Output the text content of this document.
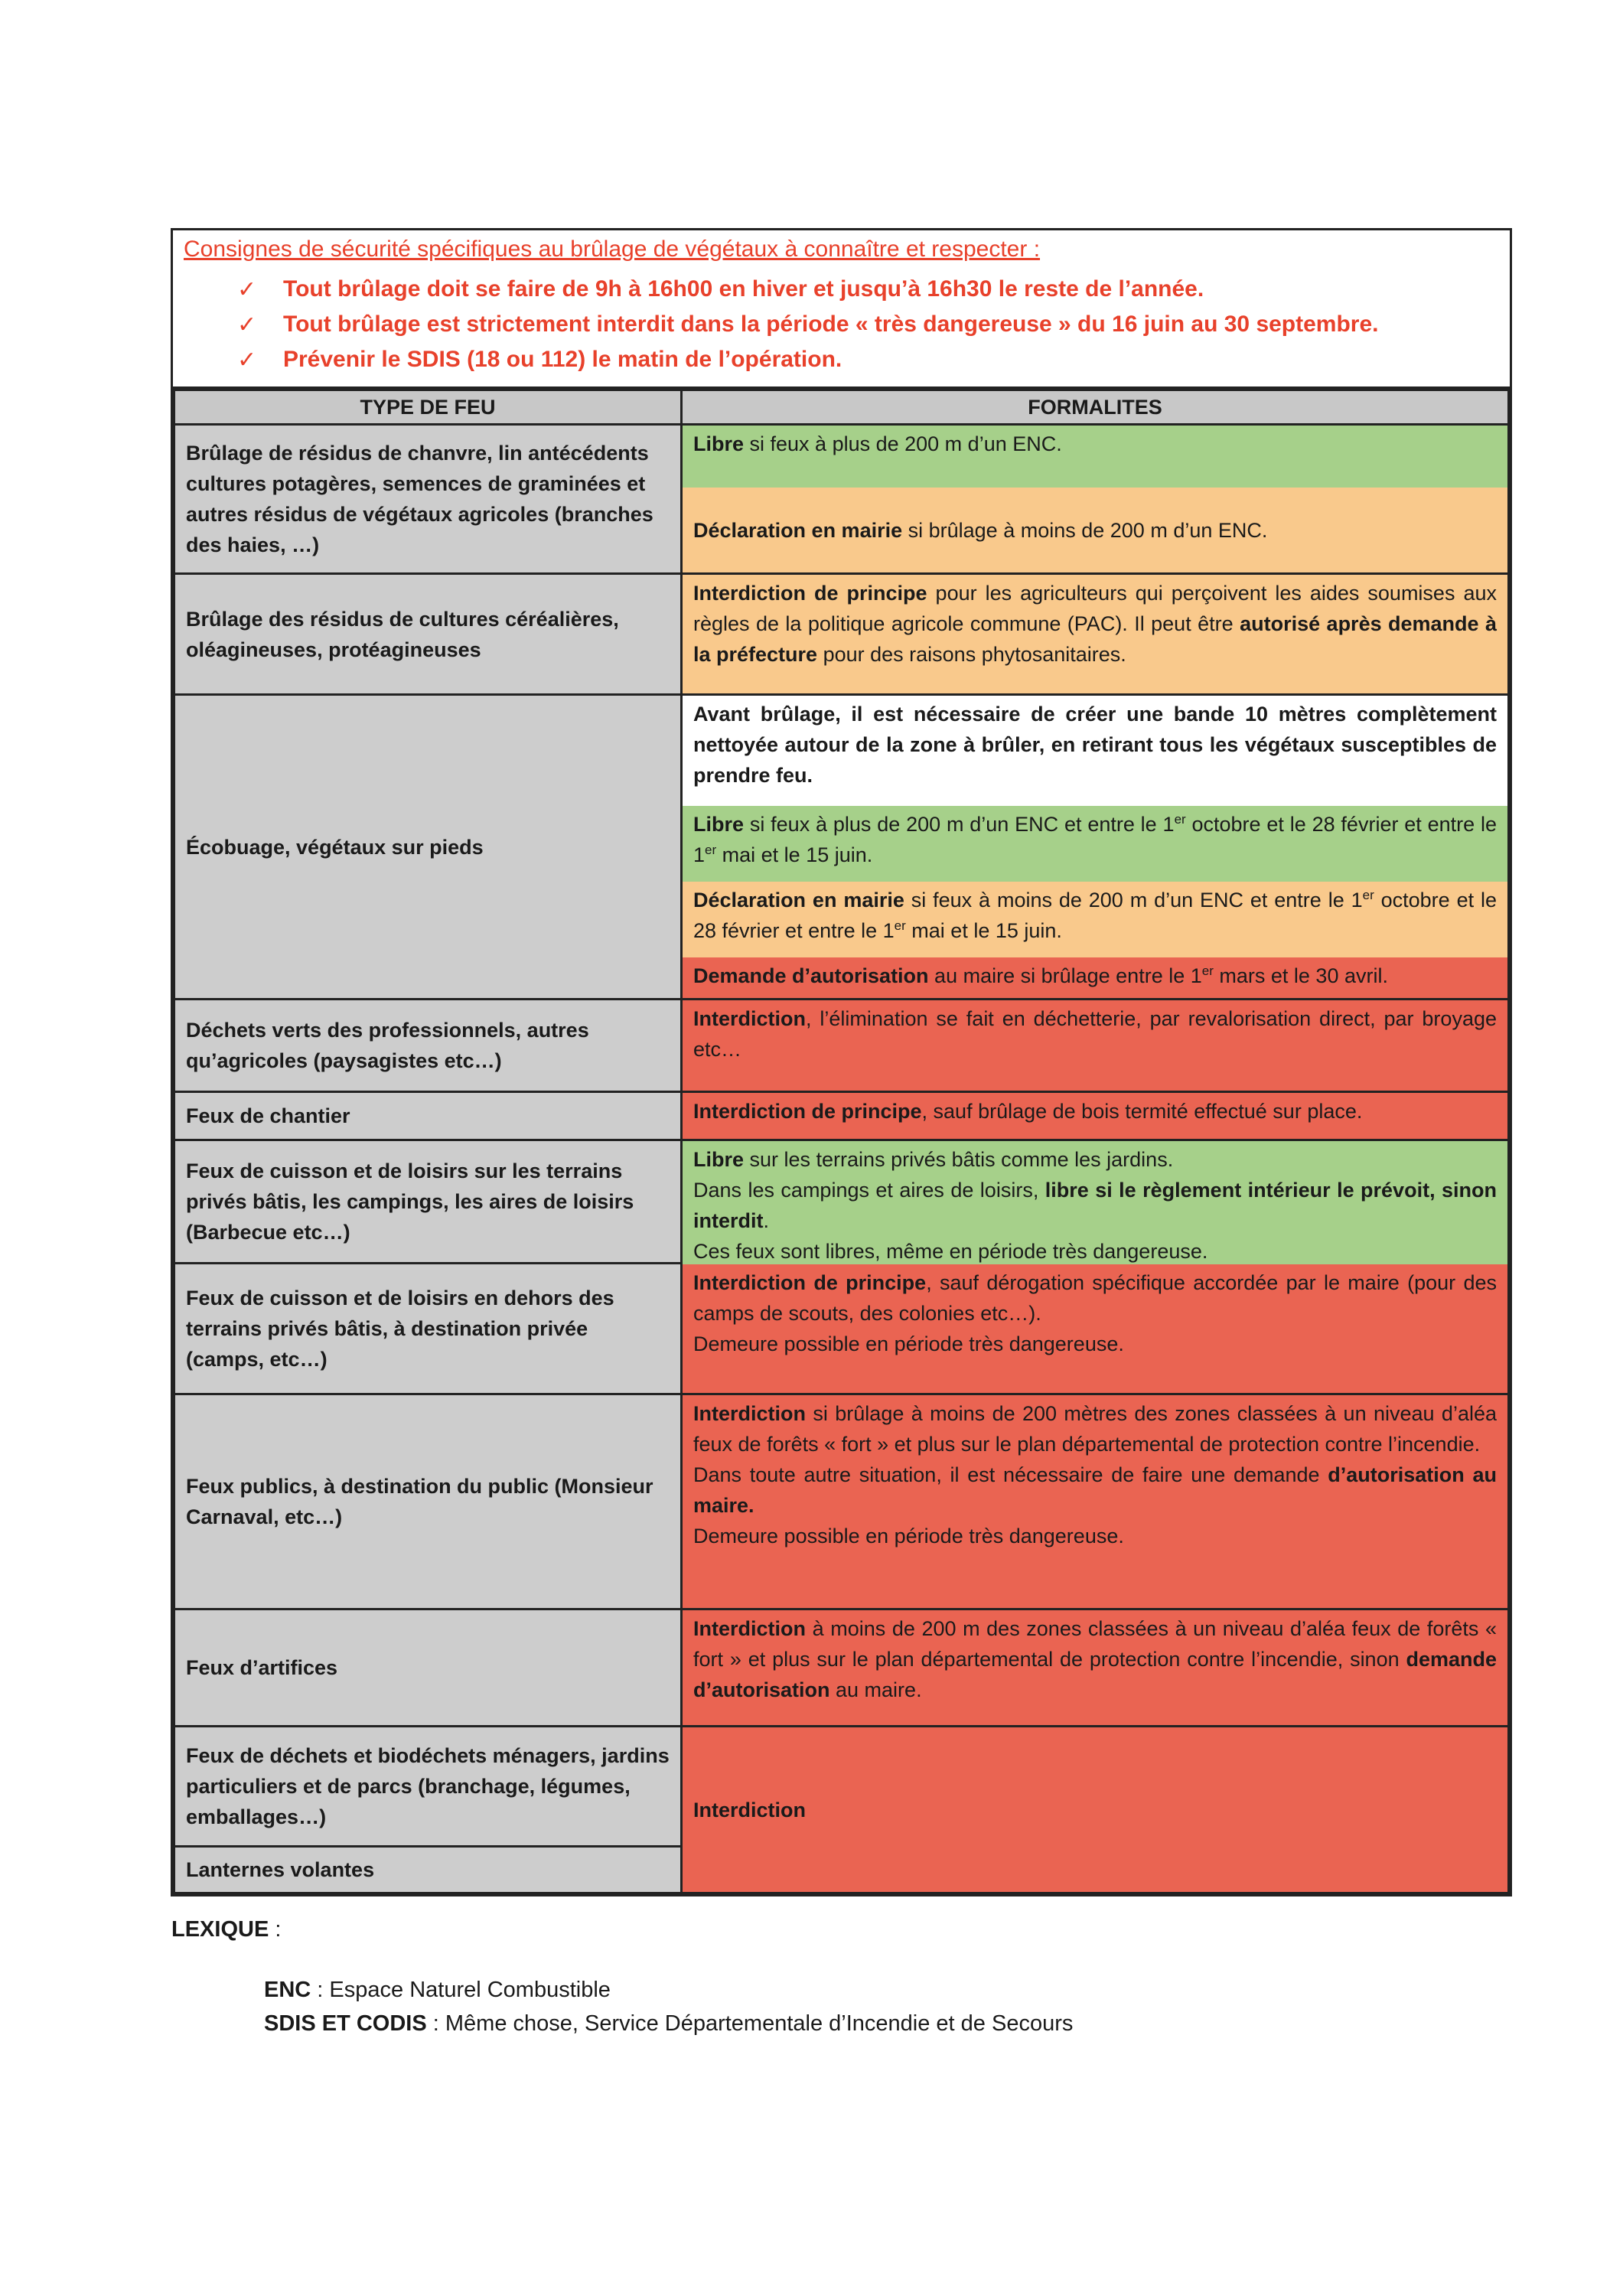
Consignes de sécurité spécifiques au brûlage de végétaux à connaître et respecter :
✓	Tout brûlage doit se faire de 9h à 16h00 en hiver et jusqu’à 16h30 le reste de l’année.
✓	Tout brûlage est strictement interdit dans la période « très dangereuse » du 16 juin au 30 septembre.
✓	Prévenir le SDIS (18 ou 112) le matin de l’opération.
TYPE DE FEU	FORMALITES
Brûlage de résidus de chanvre, lin antécédents cultures potagères, semences de graminées et autres résidus de végétaux agricoles (branches des haies, …)	Libre si feux à plus de 200 m d’un ENC.
Déclaration en mairie si brûlage à moins de 200 m d’un ENC.

Brûlage des résidus de cultures céréalières, oléagineuses, protéagineuses	Interdiction de principe pour les agriculteurs qui perçoivent les aides soumises aux règles de la politique agricole commune (PAC). Il peut être autorisé après demande à la préfecture pour des raisons phytosanitaires.

Écobuage, végétaux sur pieds	Avant brûlage, il est nécessaire de créer une bande 10 mètres complètement nettoyée autour de la zone à brûler, en retirant tous les végétaux susceptibles de prendre feu.
Libre si feux à plus de 200 m d’un ENC et entre le 1er octobre et le 28 février et entre le 1er mai et le 15 juin.
Déclaration en mairie si feux à moins de 200 m d’un ENC et entre le 1er octobre et le 28 février et entre le 1er mai et le 15 juin.
Demande d’autorisation au maire si brûlage entre le 1er mars et le 30 avril.

Déchets verts des professionnels, autres qu’agricoles (paysagistes etc…)	Interdiction, l’élimination se fait en déchetterie, par revalorisation direct, par broyage etc…

Feux de chantier	Interdiction de principe, sauf brûlage de bois termité effectué sur place.

Feux de cuisson et de loisirs sur les terrains privés bâtis, les campings, les aires de loisirs (Barbecue etc…)	Libre sur les terrains privés bâtis comme les jardins.
Dans les campings et aires de loisirs, libre si le règlement intérieur le prévoit, sinon interdit.
Ces feux sont libres, même en période très dangereuse.

Feux de cuisson et de loisirs en dehors des terrains privés bâtis, à destination privée (camps, etc…)	Interdiction de principe, sauf dérogation spécifique accordée par le maire (pour des camps de scouts, des colonies etc…).
Demeure possible en période très dangereuse.

Feux publics, à destination du public (Monsieur Carnaval, etc…)	Interdiction si brûlage à moins de 200 mètres des zones classées à un niveau d’aléa feux de forêts « fort » et plus sur le plan départemental de protection contre l’incendie.
Dans toute autre situation, il est nécessaire de faire une demande d’autorisation au maire.
Demeure possible en période très dangereuse.

Feux d’artifices	Interdiction à moins de 200 m des zones classées à un niveau d’aléa feux de forêts « fort » et plus sur le plan départemental de protection contre l’incendie, sinon demande d’autorisation au maire.

Feux de déchets et biodéchets ménagers, jardins particuliers et de parcs (branchage, légumes, emballages…)	Interdiction

Lanternes volantes	
LEXIQUE :
ENC : Espace Naturel Combustible
SDIS ET CODIS : Même chose, Service Départementale d’Incendie et de Secours
